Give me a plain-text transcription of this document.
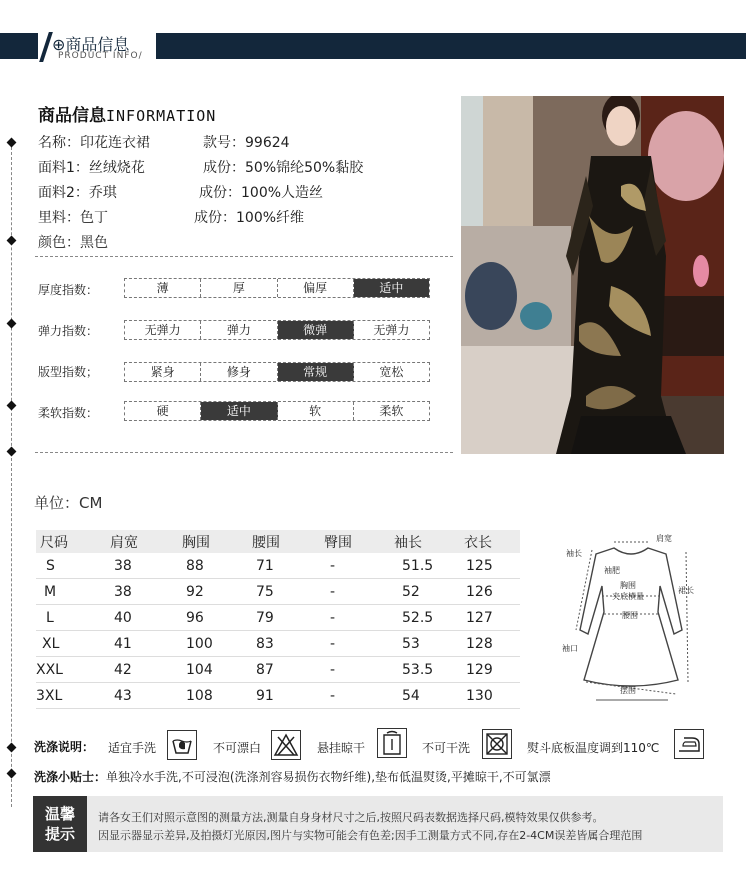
⊕商品信息
PRODUCT INFO/
商品信息INFORMATION
名称：印花连衣裙	款号：99624
面料1：丝绒烧花	成份：50%锦纶50%黏胶
面料2：乔琪	成份：100%人造丝
里料：色丁	成份：100%纤维
颜色：黑色
厚度指数：	薄	厚	偏厚	适中
弹力指数：	无弹力	弹力	微弹	无弹力
版型指数；	紧身	修身	常规	宽松
柔软指数：	硬	适中	软	柔软
单位：CM
尺码	肩宽	胸围	腰围	臀围	袖长	衣长
S	38	88	71	-	51.5	125
M	38	92	75	-	52	126
L	40	96	79	-	52.5	127
XL	41	100	83	-	53	128
XXL	42	104	87	-	53.5	129
3XL	43	108	91	-	54	130
肩宽
袖长
袖肥
胸围
夹底横量
腰围
裙长
袖口
摆围
洗涤说明： 适宜手洗	不可漂白	悬挂晾干	不可干洗	熨斗底板温度调到110℃
洗涤小贴士：单独冷水手洗,不可浸泡(洗涤剂容易损伤衣物纤维),垫布低温熨烫,平摊晾干,不可氯漂
温馨
提示
请各女王们对照示意图的测量方法,测量自身身材尺寸之后,按照尺码表数据选择尺码,模特效果仅供参考。
因显示器显示差异,及拍摄灯光原因,图片与实物可能会有色差;因手工测量方式不同,存在2-4CM误差皆属合理范围
